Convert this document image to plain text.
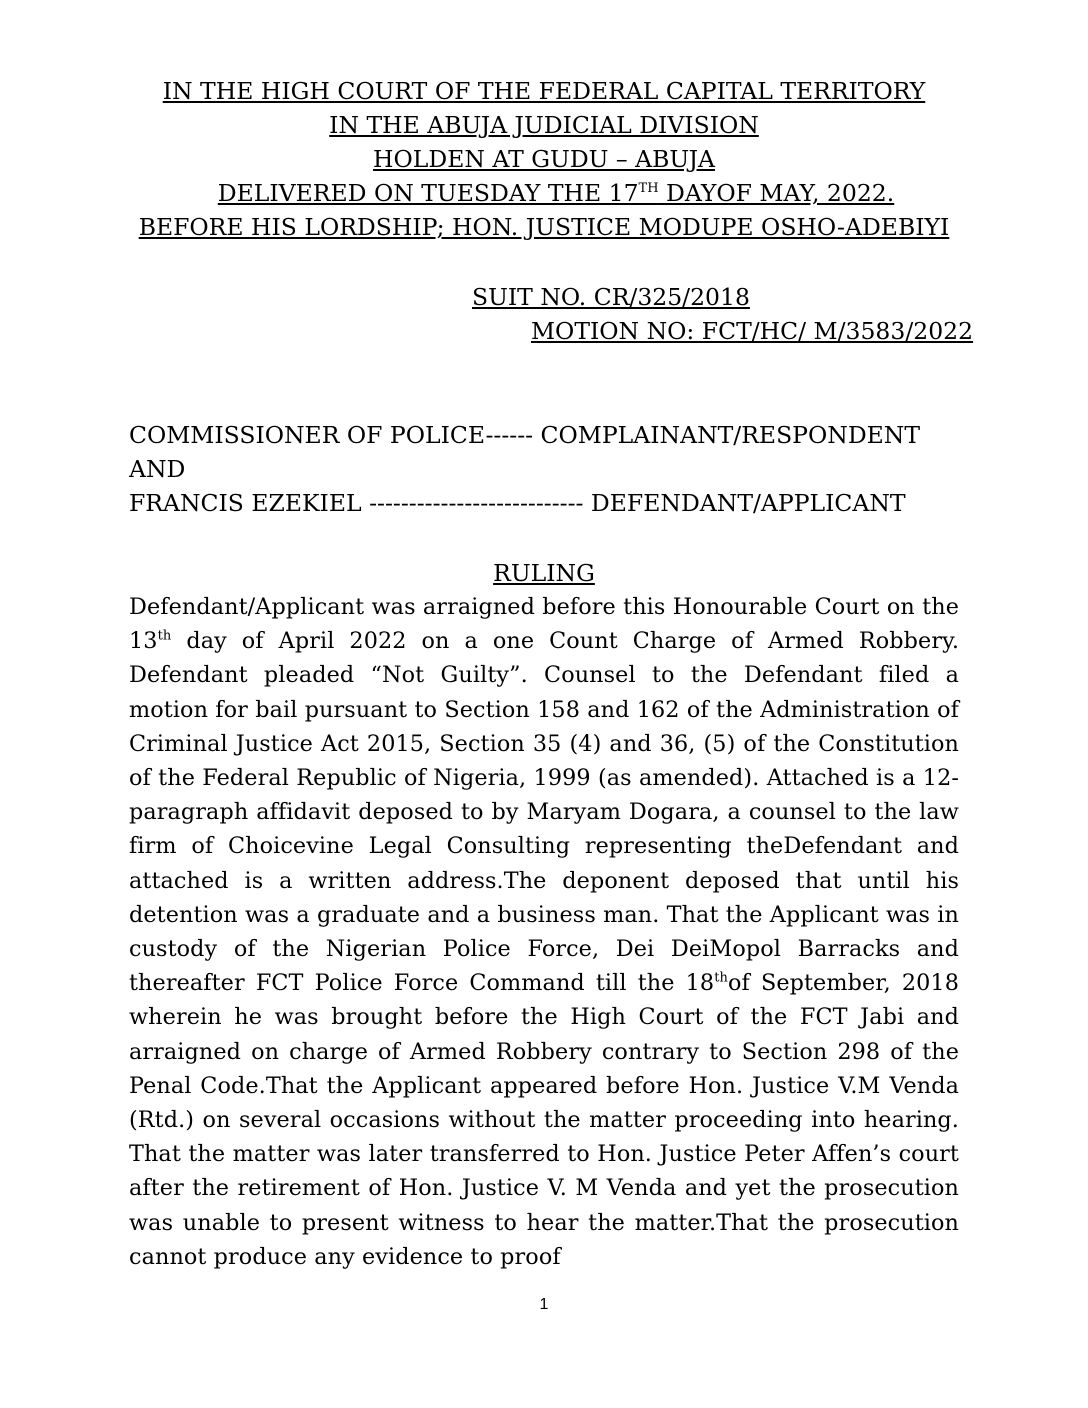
IN THE HIGH COURT OF THE FEDERAL CAPITAL TERRITORY
IN THE ABUJA JUDICIAL DIVISION
HOLDEN AT GUDU – ABUJA
DELIVERED ON TUESDAY THE 17TH DAYOF MAY, 2022.
BEFORE HIS LORDSHIP; HON. JUSTICE MODUPE OSHO-ADEBIYI
SUIT NO. CR/325/2018
MOTION NO: FCT/HC/ M/3583/2022
COMMISSIONER OF POLICE------ COMPLAINANT/RESPONDENT
AND
FRANCIS EZEKIEL --------------------------- DEFENDANT/APPLICANT
RULING

Defendant/Applicant was arraigned before this Honourable Court on the 13th day of April 2022 on a one Count Charge of Armed Robbery. Defendant pleaded “Not Guilty”. Counsel to the Defendant filed a motion for bail pursuant to Section 158 and 162 of the Administration of Criminal Justice Act 2015, Section 35 (4) and 36, (5) of the Constitution of the Federal Republic of Nigeria, 1999 (as amended). Attached is a 12-paragraph affidavit deposed to by Maryam Dogara, a counsel to the law firm of Choicevine Legal Consulting representing theDefendant and attached is a written address.The deponent deposed that until his detention was a graduate and a business man. That the Applicant was in custody of the Nigerian Police Force, Dei DeiMopol Barracks and thereafter FCT Police Force Command till the 18thof September, 2018 wherein he was brought before the High Court of the FCT Jabi and arraigned on charge of Armed Robbery contrary to Section 298 of the Penal Code.That the Applicant appeared before Hon. Justice V.M Venda (Rtd.) on several occasions without the matter proceeding into hearing. That the matter was later transferred to Hon. Justice Peter Affen’s court after the retirement of Hon. Justice V. M Venda and yet the prosecution was unable to present witness to hear the matter.That the prosecution cannot produce any evidence to proof

1
